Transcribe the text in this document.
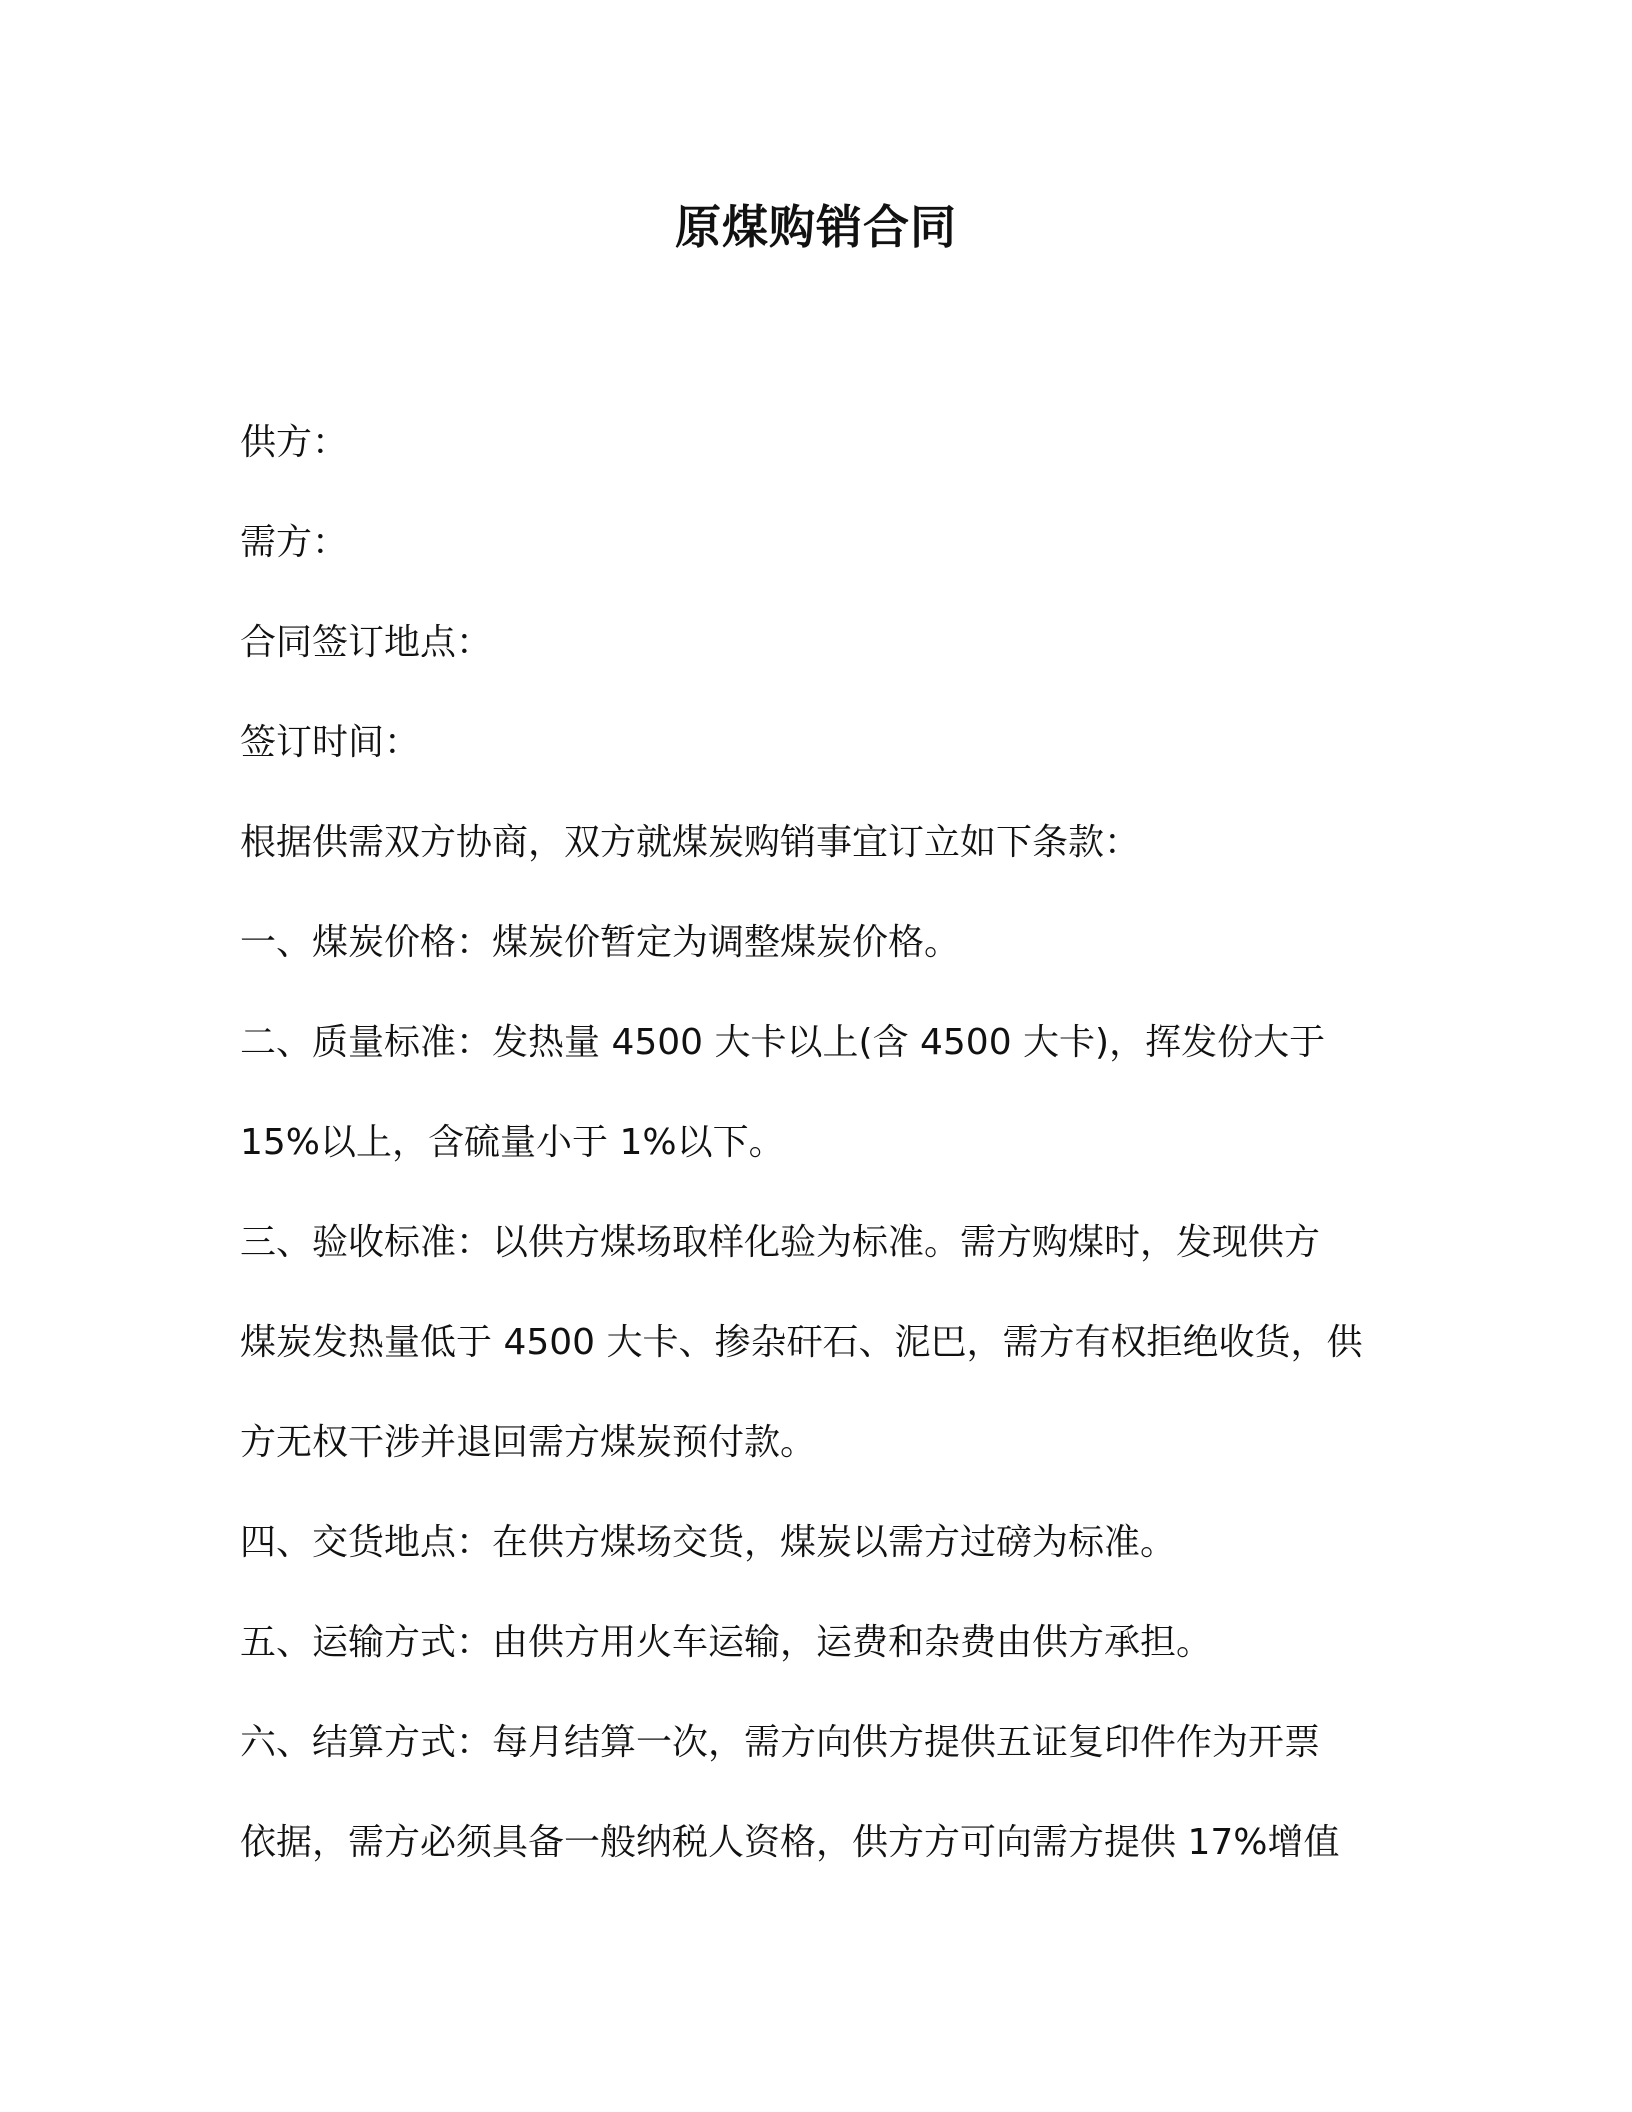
原煤购销合同
供方：
需方：
合同签订地点：
签订时间：
根据供需双方协商，双方就煤炭购销事宜订立如下条款：
一、煤炭价格：煤炭价暂定为调整煤炭价格。
二、质量标准：发热量 4500 大卡以上(含 4500 大卡)，挥发份大于
15%以上，含硫量小于 1%以下。
三、验收标准：以供方煤场取样化验为标准。需方购煤时，发现供方
煤炭发热量低于 4500 大卡、掺杂矸石、泥巴，需方有权拒绝收货，供
方无权干涉并退回需方煤炭预付款。
四、交货地点：在供方煤场交货，煤炭以需方过磅为标准。
五、运输方式：由供方用火车运输，运费和杂费由供方承担。
六、结算方式：每月结算一次，需方向供方提供五证复印件作为开票
依据，需方必须具备一般纳税人资格，供方方可向需方提供 17%增值
